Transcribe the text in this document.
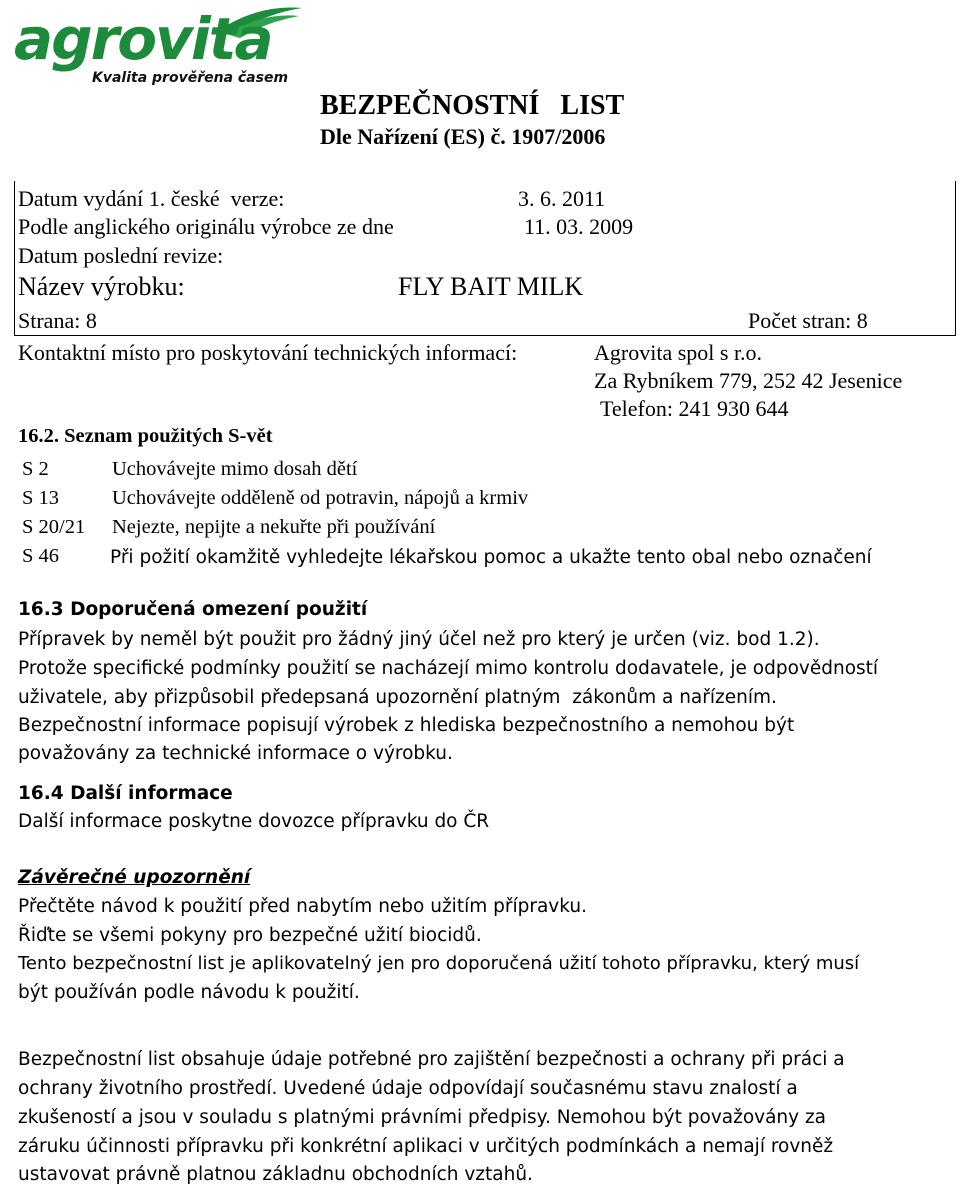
agrovita
Kvalita prověřena časem
BEZPEČNOSTNÍ   LIST
Dle Nařízení (ES) č. 1907/2006
Datum vydání 1. české  verze:	3. 6. 2011
Podle anglického originálu výrobce ze dne	11. 03. 2009
Datum poslední revize:
Název výrobku:	FLY BAIT MILK
Strana: 8	Počet stran: 8
Kontaktní místo pro poskytování technických informací:	Agrovita spol s r.o.
Za Rybníkem 779, 252 42 Jesenice
Telefon: 241 930 644
16.2. Seznam použitých S-vět
S 2	Uchovávejte mimo dosah dětí
S 13	Uchovávejte odděleně od potravin, nápojů a krmiv
S 20/21 Nejezte, nepijte a nekuřte při používání
S 46	Při požití okamžitě vyhledejte lékařskou pomoc a ukažte tento obal nebo označení
16.3 Doporučená omezení použití
Přípravek by neměl být použit pro žádný jiný účel než pro který je určen (viz. bod 1.2).
Protože specifické podmínky použití se nacházejí mimo kontrolu dodavatele, je odpovědností
uživatele, aby přizpůsobil předepsaná upozornění platným  zákonům a nařízením.
Bezpečnostní informace popisují výrobek z hlediska bezpečnostního a nemohou být
považovány za technické informace o výrobku.
16.4 Další informace
Další informace poskytne dovozce přípravku do ČR
Závěrečné upozornění
Přečtěte návod k použití před nabytím nebo užitím přípravku.
Řiďte se všemi pokyny pro bezpečné užití biocidů.
Tento bezpečnostní list je aplikovatelný jen pro doporučená užití tohoto přípravku, který musí
být používán podle návodu k použití.
Bezpečnostní list obsahuje údaje potřebné pro zajištění bezpečnosti a ochrany při práci a
ochrany životního prostředí. Uvedené údaje odpovídají současnému stavu znalostí a
zkušeností a jsou v souladu s platnými právními předpisy. Nemohou být považovány za
záruku účinnosti přípravku při konkrétní aplikaci v určitých podmínkách a nemají rovněž
ustavovat právně platnou základnu obchodních vztahů.
